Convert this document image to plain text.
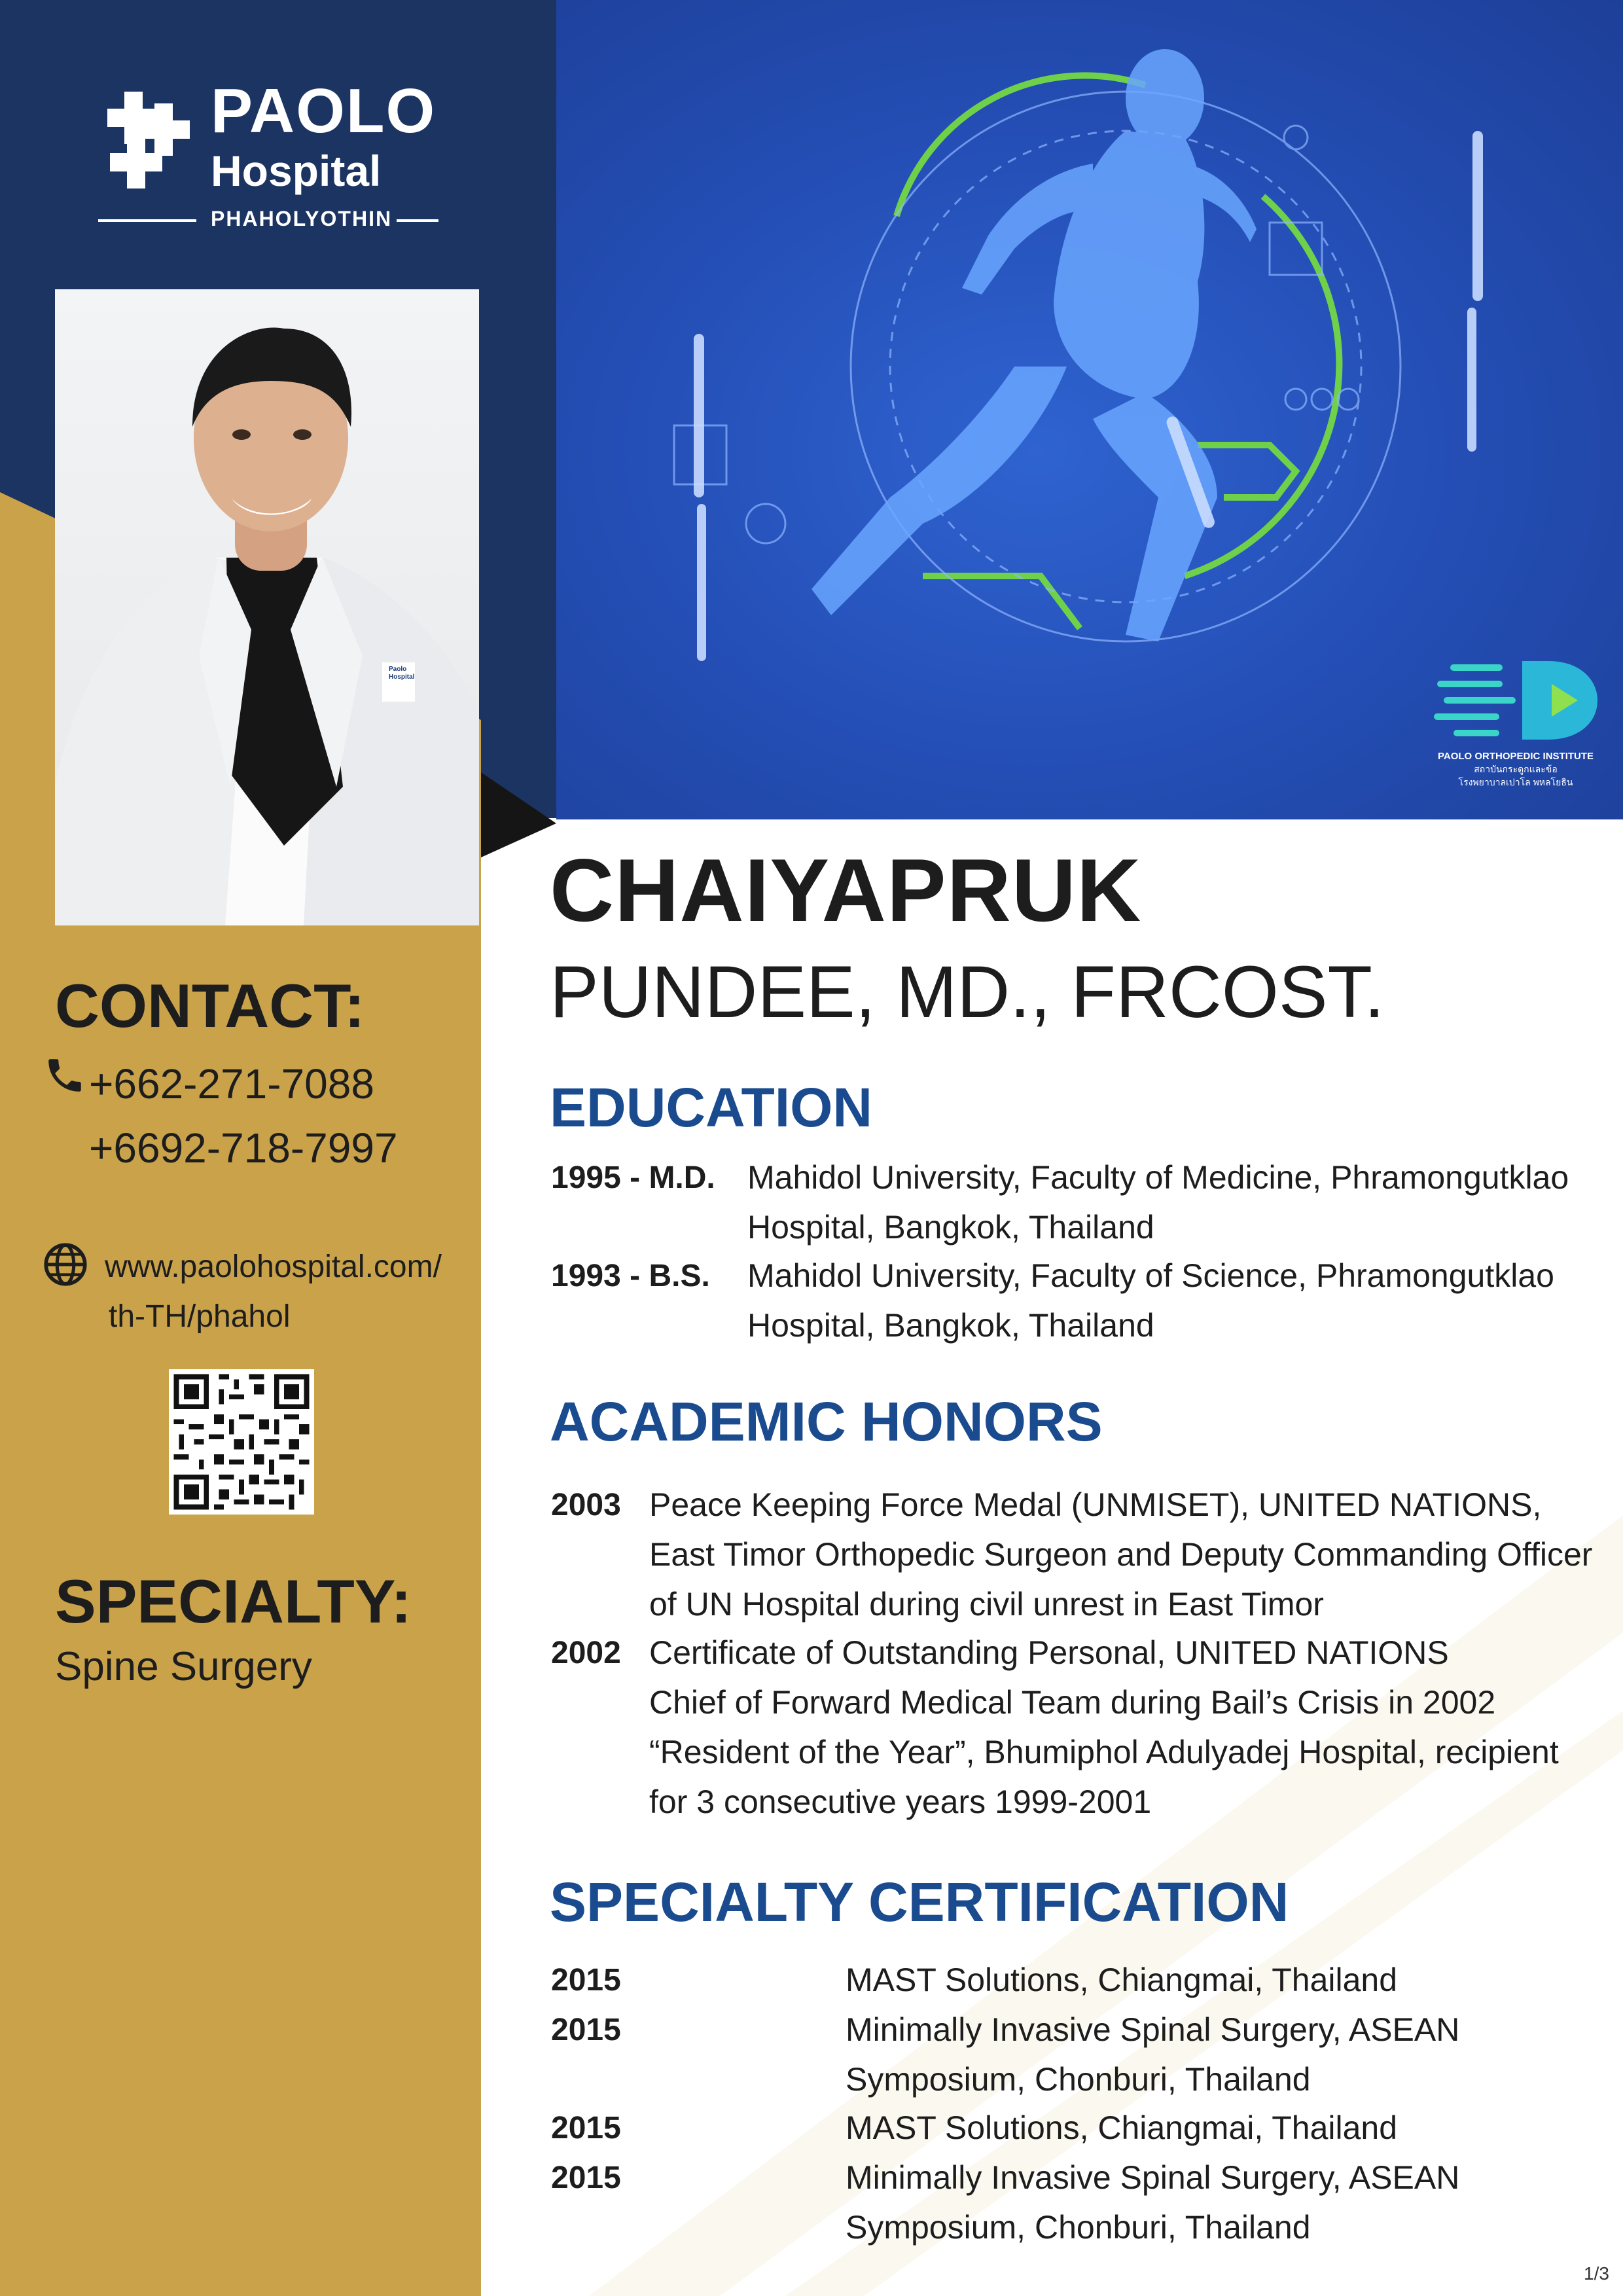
PAOLO
Hospital
PHAHOLYOTHIN
Paolo
Hospital
CONTACT:
+662-271-7088
+6692-718-7997
www.paolohospital.com/
th-TH/phahol
SPECIALTY:
Spine Surgery
PAOLO ORTHOPEDIC INSTITUTE
สถาบันกระดูกและข้อ
โรงพยาบาลเปาโล พหลโยธิน
CHAIYAPRUK
PUNDEE, MD., FRCOST.
EDUCATION
1995 - M.D. Mahidol University, Faculty of Medicine, Phramongutklao
Hospital, Bangkok, Thailand
1993 - B.S. Mahidol University, Faculty of Science, Phramongutklao
Hospital, Bangkok, Thailand
ACADEMIC HONORS
2003 Peace Keeping Force Medal (UNMISET), UNITED NATIONS,
East Timor Orthopedic Surgeon and Deputy Commanding Officer
of UN Hospital during civil unrest in East Timor
2002 Certificate of Outstanding Personal, UNITED NATIONS
Chief of Forward Medical Team during Bail’s Crisis in 2002
“Resident of the Year”, Bhumiphol Adulyadej Hospital, recipient
for 3 consecutive years 1999-2001
SPECIALTY CERTIFICATION
2015	MAST Solutions, Chiangmai, Thailand
2015	Minimally Invasive Spinal Surgery, ASEAN
Symposium, Chonburi, Thailand
2015	MAST Solutions, Chiangmai, Thailand
2015	Minimally Invasive Spinal Surgery, ASEAN
Symposium, Chonburi, Thailand
1/3
